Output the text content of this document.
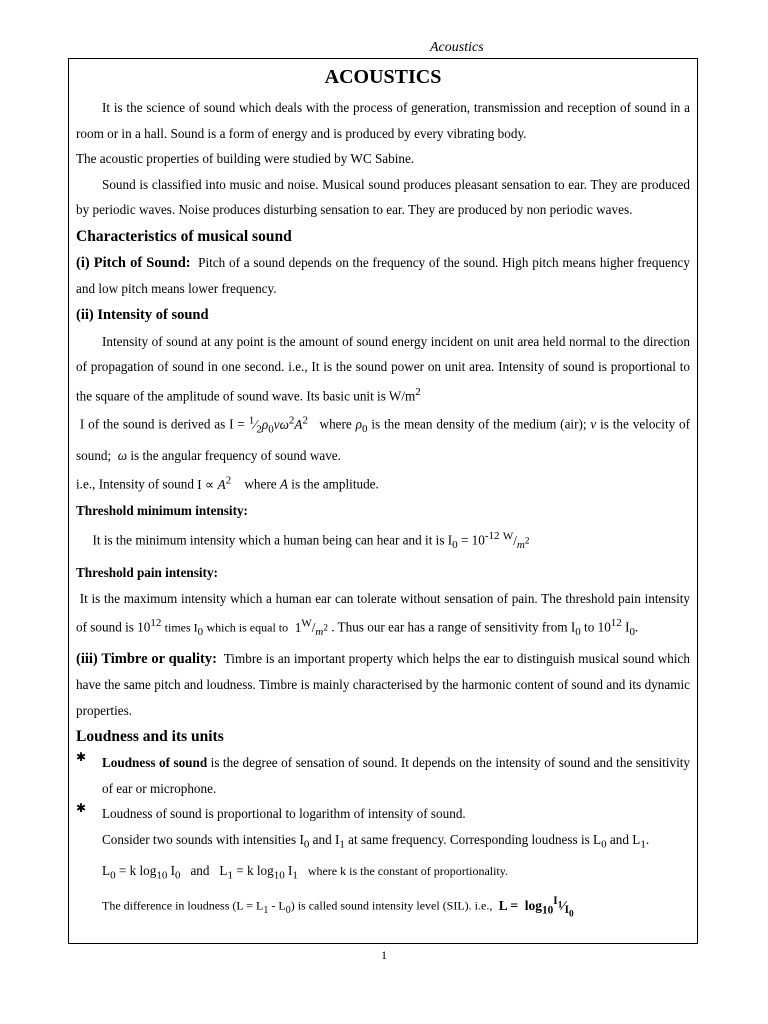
Acoustics
ACOUSTICS

It is the science of sound which deals with the process of generation, transmission and reception of sound in a room or in a hall. Sound is a form of energy and is produced by every vibrating body.

The acoustic properties of building were studied by WC Sabine.

Sound is classified into music and noise. Musical sound produces pleasant sensation to ear. They are produced by periodic waves. Noise produces disturbing sensation to ear. They are produced by non periodic waves.

Characteristics of musical sound

(i) Pitch of Sound: Pitch of a sound depends on the frequency of the sound. High pitch means higher frequency and low pitch means lower frequency.

(ii) Intensity of sound

Intensity of sound at any point is the amount of sound energy incident on unit area held normal to the direction of propagation of sound in one second. i.e., It is the sound power on unit area. Intensity of sound is proportional to the square of the amplitude of sound wave. Its basic unit is $W/m^2$

I of the sound is derived as $I = ^1⁄_2\rho_0v\omega^2A^2$ where $\rho_0$ is the mean density of the medium (air); ν is the velocity of sound; ω is the angular frequency of sound wave.

i.e., Intensity of sound $I \propto A^2$ where A is the amplitude.

Threshold minimum intensity:

It is the minimum intensity which a human being can hear and it is $I_0 = 10^{-12}$ $^W/_{m^2}$

Threshold pain intensity:

It is the maximum intensity which a human ear can tolerate without sensation of pain. The threshold pain intensity of sound is $10^{12}$ times $I_0$ which is equal to $1^W/_{m^2}$ . Thus our ear has a range of sensitivity from $I_0$ to $10^{12}$ $I_0$.

(iii) Timbre or quality: Timbre is an important property which helps the ear to distinguish musical sound which have the same pitch and loudness. Timbre is mainly characterised by the harmonic content of sound and its dynamic properties.

Loudness and its units
✱	Loudness of sound is the degree of sensation of sound. It depends on the intensity of sound and the sensitivity of ear or microphone.

✱	Loudness of sound is proportional to logarithm of intensity of sound.

Consider two sounds with intensities $I_0$ and $I_1$ at same frequency. Corresponding loudness is $L_0$ and $L_1$.

$L_0 = k$ $\log_{10} I_0$   and   $L_1 = k$ $\log_{10} I_1$ where k is the constant of proportionality.

The difference in loudness $(L = L_1 - L_0)$ is called sound intensity level (SIL). i.e.,  $L = \log_{10}^{I_1}⁄_{I_0}$

1
